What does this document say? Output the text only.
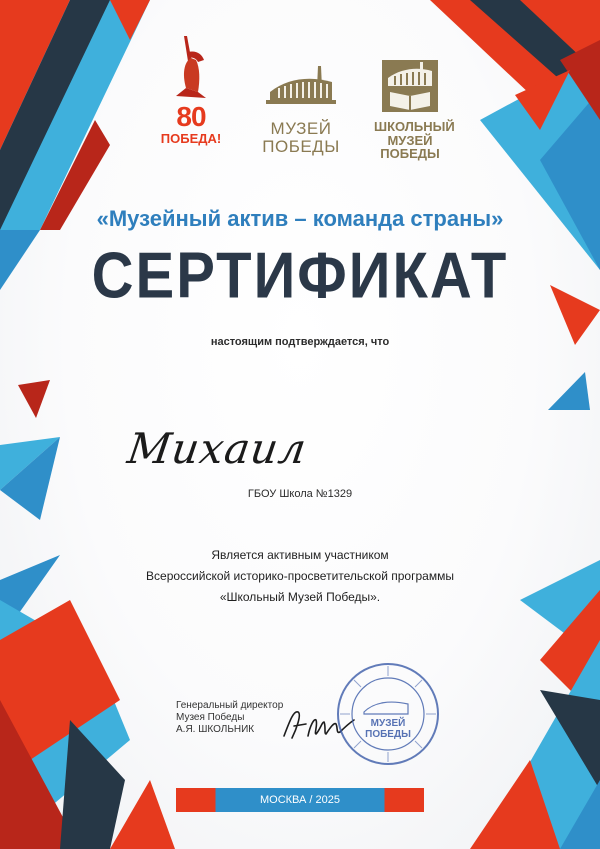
80
ПОБЕДА!
МУЗЕЙ
ПОБЕДЫ
ШКОЛЬНЫЙ
МУЗЕЙ
ПОБЕДЫ
«Музейный актив – команда страны»
СЕРТИФИКАТ
настоящим подтверждается, что
Михаил
ГБОУ Школа №1329
Является активным участником
Всероссийской историко-просветительской программы
«Школьный Музей Победы».
Генеральный директор
Музея Победы
А.Я. ШКОЛЬНИК
МУЗЕЙ
ПОБЕДЫ
МОСКВА / 2025
